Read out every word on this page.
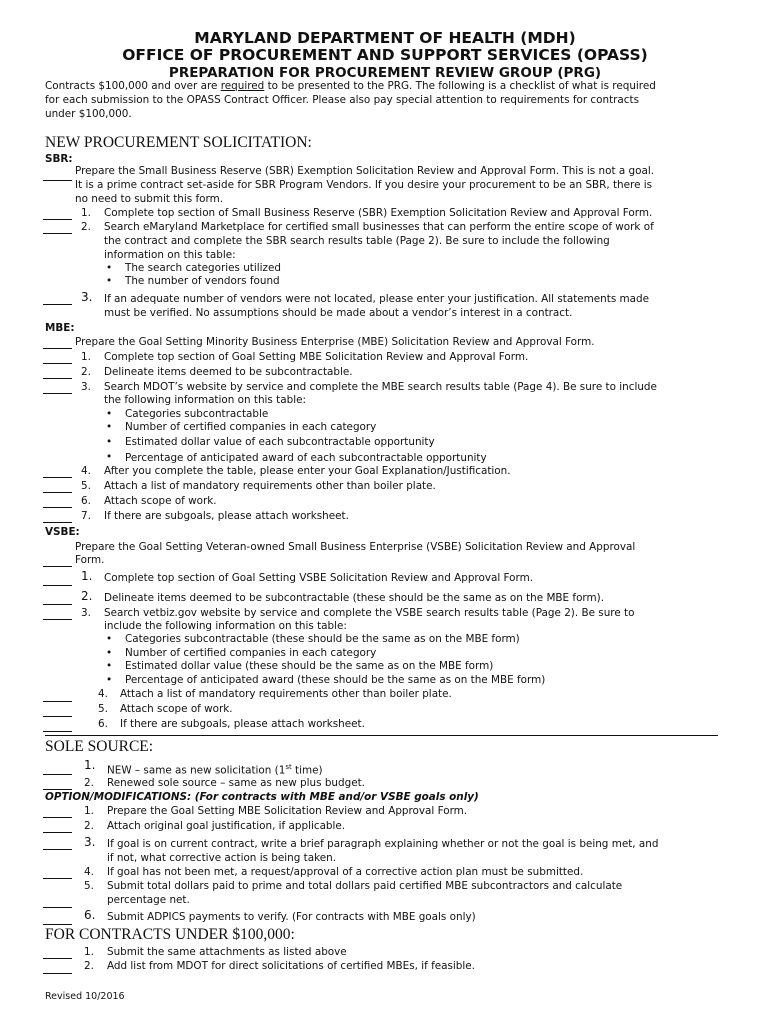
MARYLAND DEPARTMENT OF HEALTH (MDH)
OFFICE OF PROCUREMENT AND SUPPORT SERVICES (OPASS)
PREPARATION FOR PROCUREMENT REVIEW GROUP (PRG)
Contracts $100,000 and over are required to be presented to the PRG. The following is a checklist of what is required
for each submission to the OPASS Contract Officer. Please also pay special attention to requirements for contracts
under $100,000.
NEW PROCUREMENT SOLICITATION:
SBR:
Prepare the Small Business Reserve (SBR) Exemption Solicitation Review and Approval Form. This is not a goal.
It is a prime contract set-aside for SBR Program Vendors. If you desire your procurement to be an SBR, there is
no need to submit this form.
1. Complete top section of Small Business Reserve (SBR) Exemption Solicitation Review and Approval Form.
2. Search eMaryland Marketplace for certified small businesses that can perform the entire scope of work of
the contract and complete the SBR search results table (Page 2). Be sure to include the following
information on this table:
• The search categories utilized
• The number of vendors found
3. If an adequate number of vendors were not located, please enter your justification. All statements made
must be verified. No assumptions should be made about a vendor’s interest in a contract.
MBE:
Prepare the Goal Setting Minority Business Enterprise (MBE) Solicitation Review and Approval Form.
1. Complete top section of Goal Setting MBE Solicitation Review and Approval Form.
2. Delineate items deemed to be subcontractable.
3. Search MDOT’s website by service and complete the MBE search results table (Page 4). Be sure to include
the following information on this table:
• Categories subcontractable
• Number of certified companies in each category
• Estimated dollar value of each subcontractable opportunity
• Percentage of anticipated award of each subcontractable opportunity
4. After you complete the table, please enter your Goal Explanation/Justification.
5. Attach a list of mandatory requirements other than boiler plate.
6. Attach scope of work.
7. If there are subgoals, please attach worksheet.
VSBE:
Prepare the Goal Setting Veteran-owned Small Business Enterprise (VSBE) Solicitation Review and Approval
Form.
1. Complete top section of Goal Setting VSBE Solicitation Review and Approval Form.
2. Delineate items deemed to be subcontractable (these should be the same as on the MBE form).
3. Search vetbiz.gov website by service and complete the VSBE search results table (Page 2). Be sure to
include the following information on this table:
• Categories subcontractable (these should be the same as on the MBE form)
• Number of certified companies in each category
• Estimated dollar value (these should be the same as on the MBE form)
• Percentage of anticipated award (these should be the same as on the MBE form)
4. Attach a list of mandatory requirements other than boiler plate.
5. Attach scope of work.
6. If there are subgoals, please attach worksheet.
SOLE SOURCE:
1. NEW – same as new solicitation (1st time)
2. Renewed sole source – same as new plus budget.
OPTION/MODIFICATIONS: (For contracts with MBE and/or VSBE goals only)
1. Prepare the Goal Setting MBE Solicitation Review and Approval Form.
2. Attach original goal justification, if applicable.
3. If goal is on current contract, write a brief paragraph explaining whether or not the goal is being met, and
if not, what corrective action is being taken.
4. If goal has not been met, a request/approval of a corrective action plan must be submitted.
5. Submit total dollars paid to prime and total dollars paid certified MBE subcontractors and calculate
percentage net.
6. Submit ADPICS payments to verify. (For contracts with MBE goals only)
FOR CONTRACTS UNDER $100,000:
1. Submit the same attachments as listed above
2. Add list from MDOT for direct solicitations of certified MBEs, if feasible.
Revised 10/2016
